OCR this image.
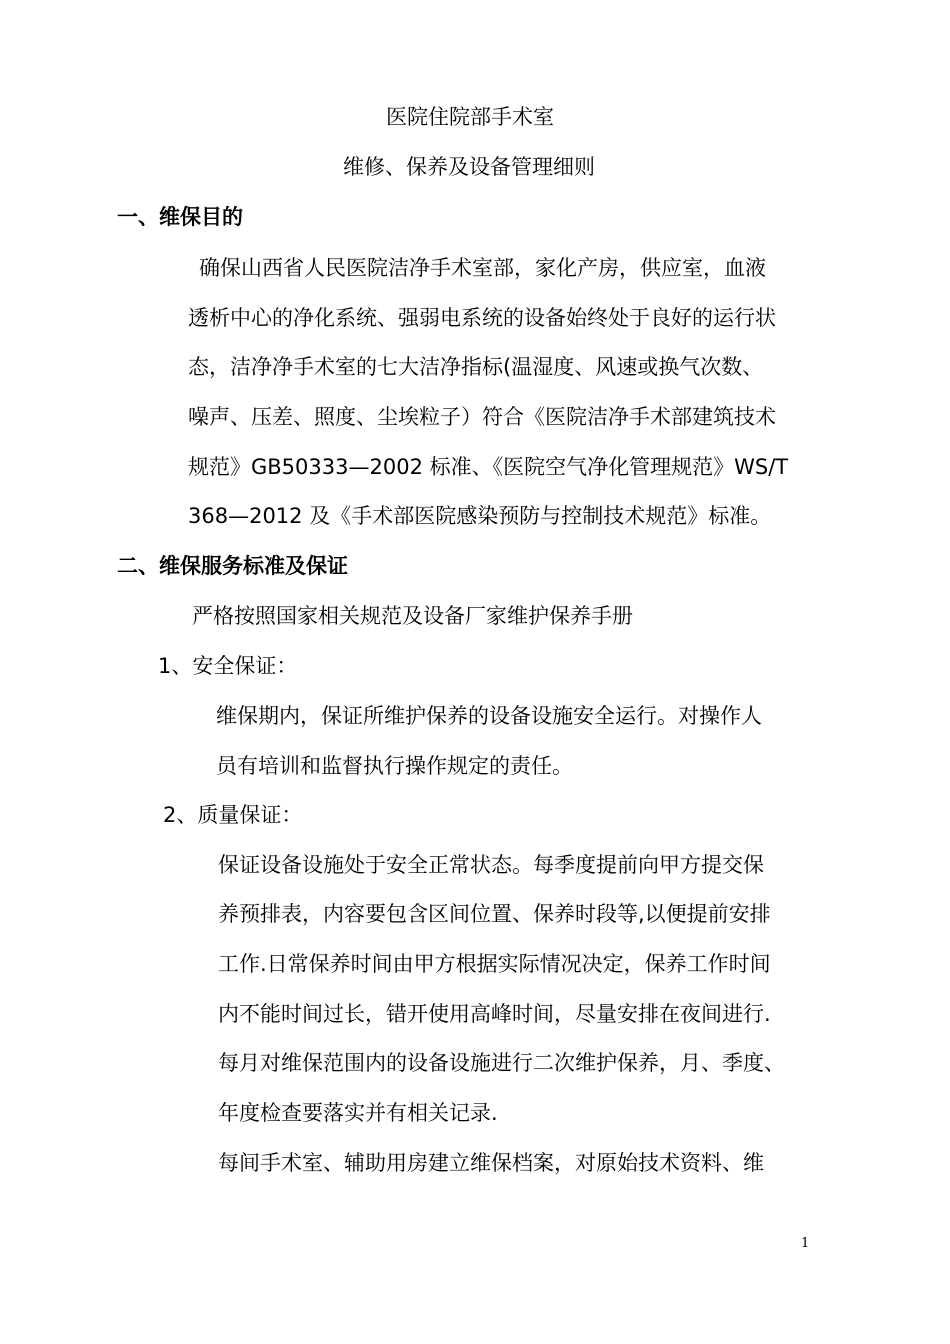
医院住院部手术室
维修、保养及设备管理细则
一、维保目的
确保山西省人民医院洁净手术室部，家化产房，供应室，血液
透析中心的净化系统、强弱电系统的设备始终处于良好的运行状
态，洁净净手术室的七大洁净指标(温湿度、风速或换气次数、
噪声、压差、照度、尘埃粒子）符合《医院洁净手术部建筑技术
规范》GB50333—2002 标准、《医院空气净化管理规范》WS/T
368—2012 及《手术部医院感染预防与控制技术规范》标准。
二、维保服务标准及保证
严格按照国家相关规范及设备厂家维护保养手册
1、安全保证：
维保期内，保证所维护保养的设备设施安全运行。对操作人
员有培训和监督执行操作规定的责任。
2、质量保证：
保证设备设施处于安全正常状态。每季度提前向甲方提交保
养预排表，内容要包含区间位置、保养时段等,以便提前安排
工作.日常保养时间由甲方根据实际情况决定，保养工作时间
内不能时间过长，错开使用高峰时间，尽量安排在夜间进行.
每月对维保范围内的设备设施进行二次维护保养，月、季度、
年度检查要落实并有相关记录.
每间手术室、辅助用房建立维保档案，对原始技术资料、维
1
